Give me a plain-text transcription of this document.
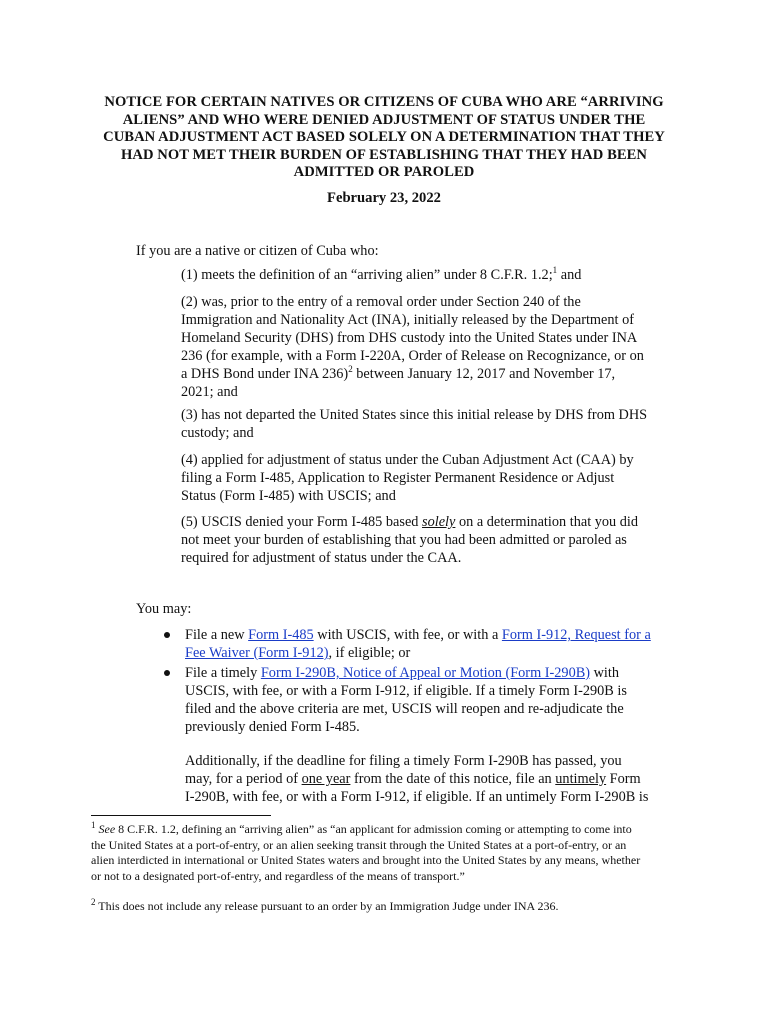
NOTICE FOR CERTAIN NATIVES OR CITIZENS OF CUBA WHO ARE “ARRIVING
ALIENS” AND WHO WERE DENIED ADJUSTMENT OF STATUS UNDER THE
CUBAN ADJUSTMENT ACT BASED SOLELY ON A DETERMINATION THAT THEY
HAD NOT MET THEIR BURDEN OF ESTABLISHING THAT THEY HAD BEEN
ADMITTED OR PAROLED
February 23, 2022
If you are a native or citizen of Cuba who:
(1) meets the definition of an “arriving alien” under 8 C.F.R. 1.2;$^1$ and
(2) was, prior to the entry of a removal order under Section 240 of the
Immigration and Nationality Act (INA), initially released by the Department of
Homeland Security (DHS) from DHS custody into the United States under INA
236 (for example, with a Form I-220A, Order of Release on Recognizance, or on
a DHS Bond under INA 236)$^2$ between January 12, 2017 and November 17,
2021; and
(3) has not departed the United States since this initial release by DHS from DHS
custody; and
(4) applied for adjustment of status under the Cuban Adjustment Act (CAA) by
filing a Form I-485, Application to Register Permanent Residence or Adjust
Status (Form I-485) with USCIS; and
(5) USCIS denied your Form I-485 based solely on a determination that you did
not meet your burden of establishing that you had been admitted or paroled as
required for adjustment of status under the CAA.
You may:
File a new Form I-485 with USCIS, with fee, or with a Form I-912, Request for a
Fee Waiver (Form I-912), if eligible; or
File a timely Form I-290B, Notice of Appeal or Motion (Form I-290B) with
USCIS, with fee, or with a Form I-912, if eligible. If a timely Form I-290B is
filed and the above criteria are met, USCIS will reopen and re-adjudicate the
previously denied Form I-485.
Additionally, if the deadline for filing a timely Form I-290B has passed, you
may, for a period of one year from the date of this notice, file an untimely Form
I-290B, with fee, or with a Form I-912, if eligible. If an untimely Form I-290B is
$^1$ See 8 C.F.R. 1.2, defining an “arriving alien” as “an applicant for admission coming or attempting to come into
the United States at a port-of-entry, or an alien seeking transit through the United States at a port-of-entry, or an
alien interdicted in international or United States waters and brought into the United States by any means, whether
or not to a designated port-of-entry, and regardless of the means of transport.”
$^2$ This does not include any release pursuant to an order by an Immigration Judge under INA 236.
